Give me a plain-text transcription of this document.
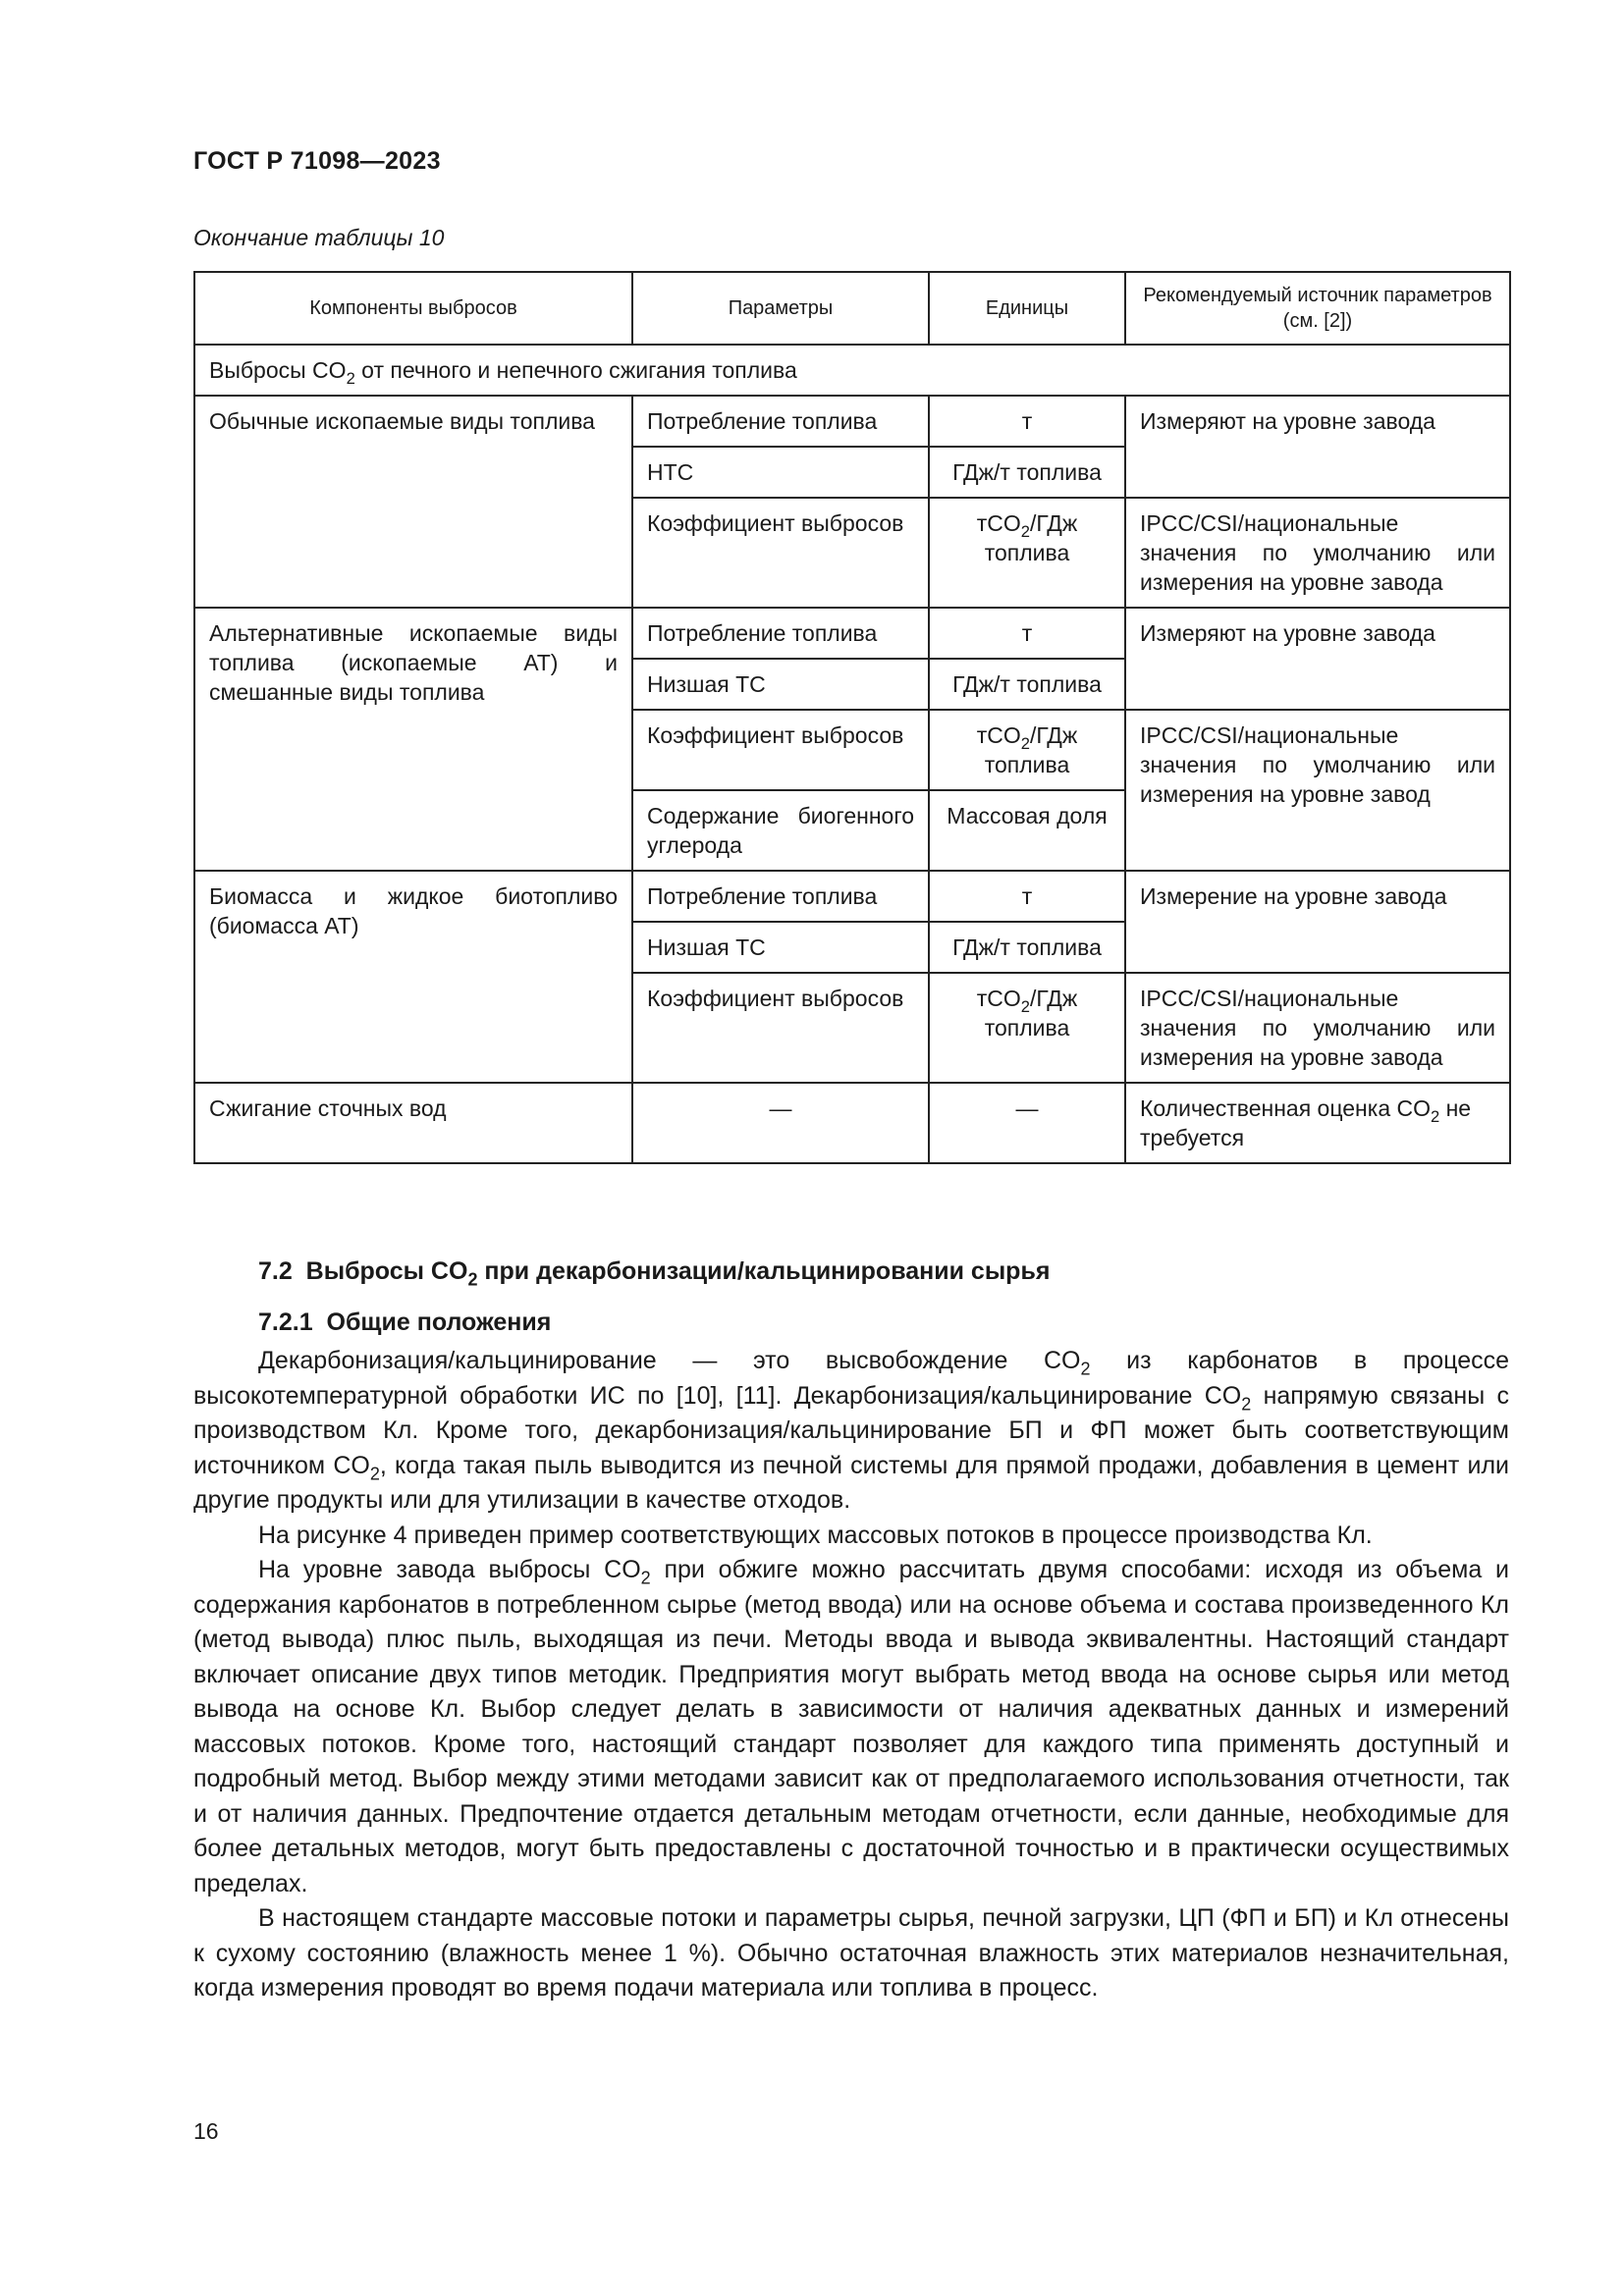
ГОСТ Р 71098—2023
Окончание таблицы 10
Компоненты выбросов	Параметры	Единицы	Рекомендуемый источник параметров (см. [2])
Выбросы $CO_2$ от печного и непечного сжигания топлива			
Обычные ископаемые виды топлива	Потребление топлива	т	Измеряют на уровне завода
	НТС	ГДж/т топлива	
	Коэффициент выбросов	тCO$_2$/ГДж топлива	IPCC/CSI/национальные значения по умолчанию или измерения на уровне завода
Альтернативные ископаемые виды топлива (ископаемые АТ) и смешанные виды топлива	Потребление топлива	т	Измеряют на уровне завода
	Низшая ТС	ГДж/т топлива	
	Коэффициент выбросов	тCO$_2$/ГДж топлива	IPCC/CSI/национальные значения по умолчанию или измерения на уровне завод
	Содержание биогенного углерода	Массовая доля	
Биомасса и жидкое биотопливо (биомасса АТ)	Потребление топлива	т	Измерение на уровне завода
	Низшая ТС	ГДж/т топлива	
	Коэффициент выбросов	тCO$_2$/ГДж топлива	IPCC/CSI/национальные значения по умолчанию или измерения на уровне завода
Сжигание сточных вод	—	—	Количественная оценка $CO_2$ не требуется
7.2 Выбросы $CO_2$ при декарбонизации/кальцинировании сырья
7.2.1 Общие положения

Декарбонизация/кальцинирование — это высвобождение $CO_2$ из карбонатов в процессе высокотемпературной обработки ИС по [10], [11]. Декарбонизация/кальцинирование $CO_2$ напрямую связаны с производством Кл. Кроме того, декарбонизация/кальцинирование БП и ФП может быть соответствующим источником $CO_2$, когда такая пыль выводится из печной системы для прямой продажи, добавления в цемент или другие продукты или для утилизации в качестве отходов.

На рисунке 4 приведен пример соответствующих массовых потоков в процессе производства Кл.

На уровне завода выбросы $CO_2$ при обжиге можно рассчитать двумя способами: исходя из объема и содержания карбонатов в потребленном сырье (метод ввода) или на основе объема и состава произведенного Кл (метод вывода) плюс пыль, выходящая из печи. Методы ввода и вывода эквивалентны. Настоящий стандарт включает описание двух типов методик. Предприятия могут выбрать метод ввода на основе сырья или метод вывода на основе Кл. Выбор следует делать в зависимости от наличия адекватных данных и измерений массовых потоков. Кроме того, настоящий стандарт позволяет для каждого типа применять доступный и подробный метод. Выбор между этими методами зависит как от предполагаемого использования отчетности, так и от наличия данных. Предпочтение отдается детальным методам отчетности, если данные, необходимые для более детальных методов, могут быть предоставлены с достаточной точностью и в практически осуществимых пределах.

В настоящем стандарте массовые потоки и параметры сырья, печной загрузки, ЦП (ФП и БП) и Кл отнесены к сухому состоянию (влажность менее 1 %). Обычно остаточная влажность этих материалов незначительная, когда измерения проводят во время подачи материала или топлива в процесс.

16
